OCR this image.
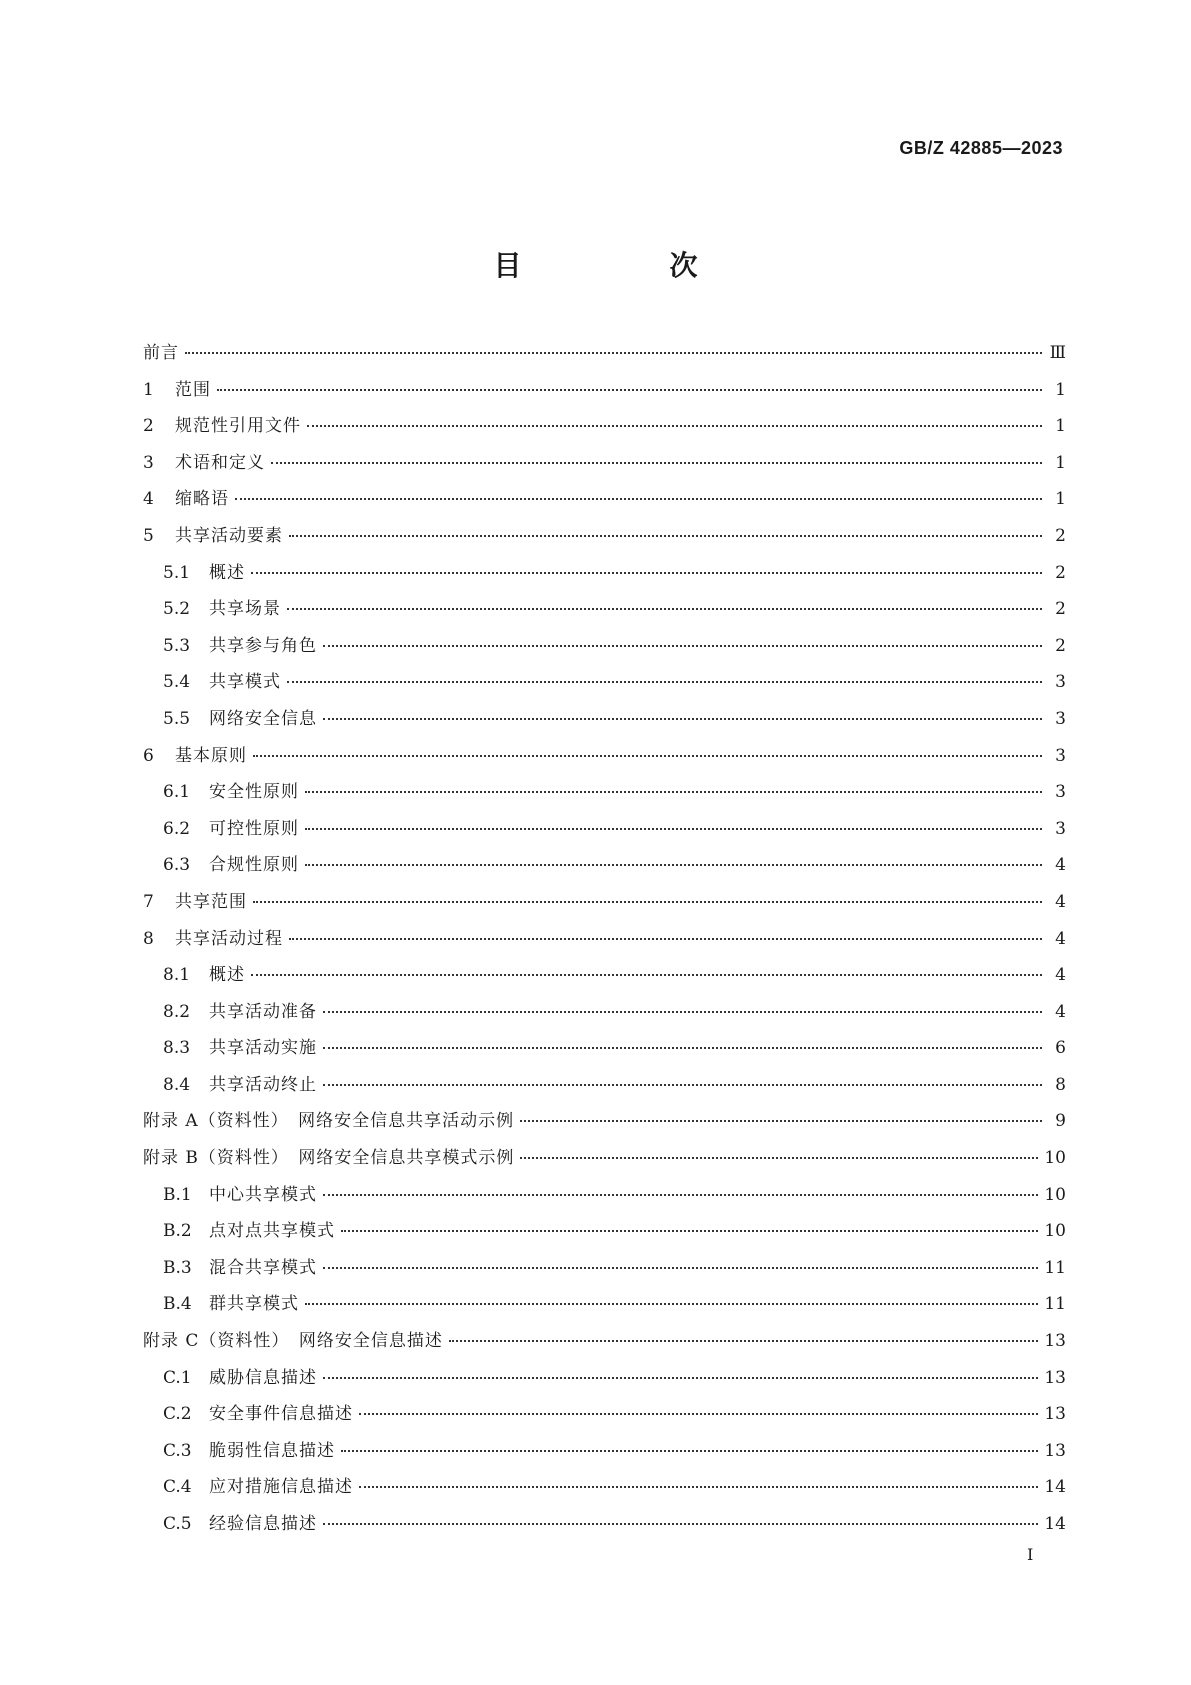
GB/Z 42885—2023
目　次
前言	Ⅲ
1	范围	1
2	规范性引用文件	1
3	术语和定义	1
4	缩略语	1
5	共享活动要素	2
5.1	概述	2
5.2	共享场景	2
5.3	共享参与角色	2
5.4	共享模式	3
5.5	网络安全信息	3
6	基本原则	3
6.1	安全性原则	3
6.2	可控性原则	3
6.3	合规性原则	4
7	共享范围	4
8	共享活动过程	4
8.1	概述	4
8.2	共享活动准备	4
8.3	共享活动实施	6
8.4	共享活动终止	8
附录 A（资料性）　网络安全信息共享活动示例	9
附录 B（资料性）　网络安全信息共享模式示例	10
B.1	中心共享模式	10
B.2	点对点共享模式	10
B.3	混合共享模式	11
B.4	群共享模式	11
附录 C（资料性）　网络安全信息描述	13
C.1	威胁信息描述	13
C.2	安全事件信息描述	13
C.3	脆弱性信息描述	13
C.4	应对措施信息描述	14
C.5	经验信息描述	14
Ⅰ
